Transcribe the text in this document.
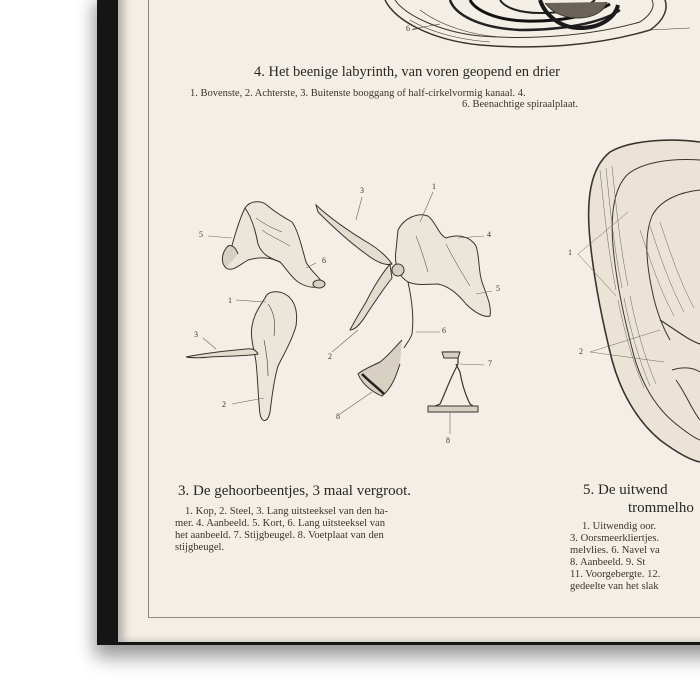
6
4. Het beenige labyrinth, van voren geopend en drier
1. Bovenste, 2. Achterste, 3. Buitenste booggang of half-cirkelvormig kanaal. 4.
6. Beenachtige spiraalplaat.
5
6
1
3
2
3	1
4
5
6
2
8
7
8
3. De gehoorbeentjes, 3 maal vergroot.
1. Kop, 2. Steel, 3. Lang uitsteeksel van den ha-
mer. 4. Aanbeeld. 5. Kort, 6. Lang uitsteeksel van
het aanbeeld. 7. Stijgbeugel. 8. Voetplaat van den
stijgbeugel.
1
2
5. De uitwend
trommelho
1. Uitwendig oor.
3. Oorsmeerkliertjes.
melvlies. 6. Navel va
8. Aanbeeld. 9. St
11. Voorgebergte. 12.
gedeelte van het slak
